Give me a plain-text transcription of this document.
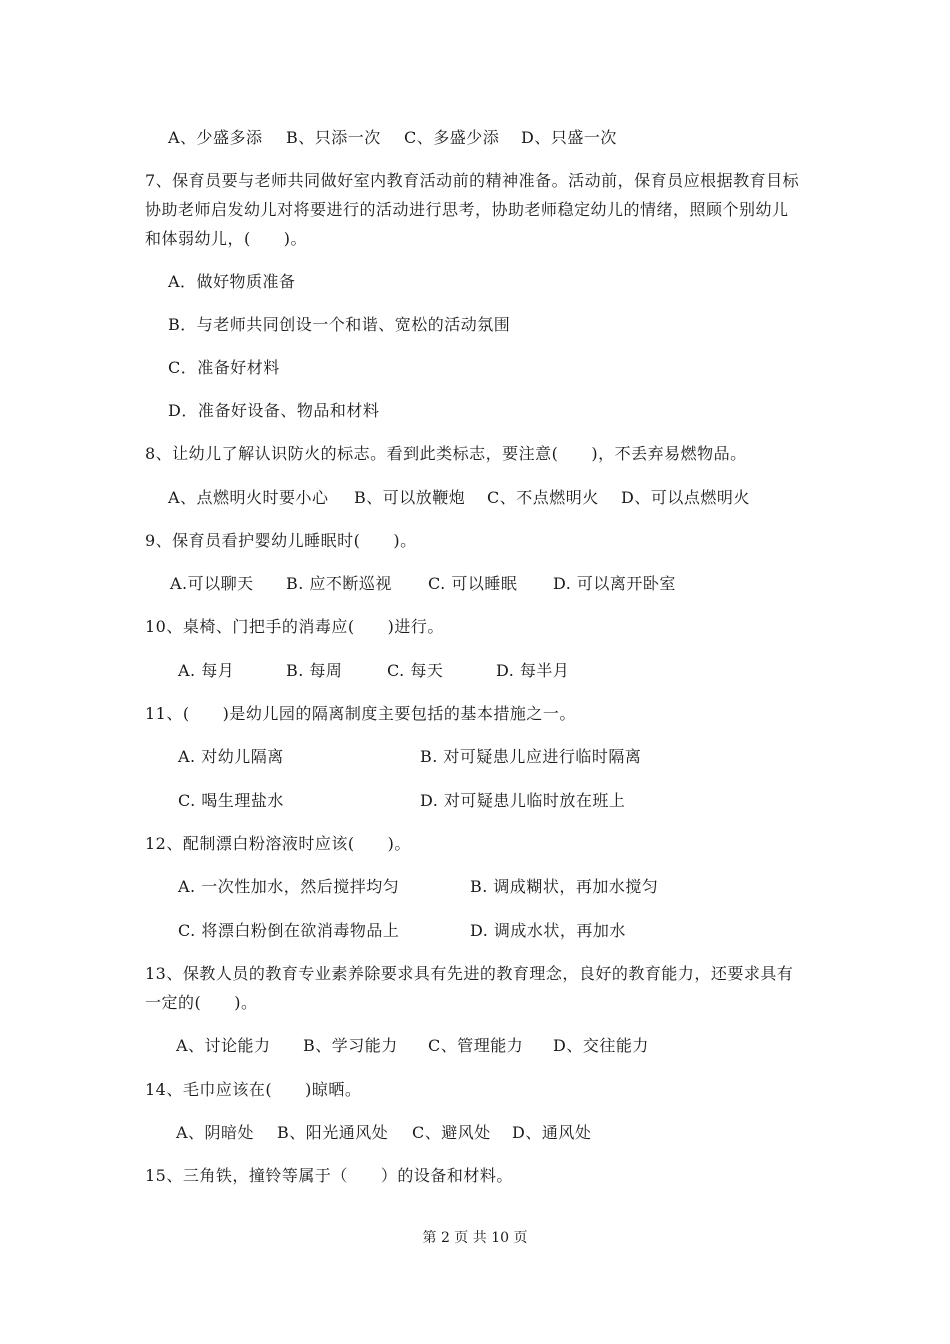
A、少盛多添 B、只添一次 C、多盛少添 D、只盛一次
7、保育员要与老师共同做好室内教育活动前的精神准备。活动前，保育员应根据教育目标
协助老师启发幼儿对将要进行的活动进行思考，协助老师稳定幼儿的情绪，照顾个别幼儿
和体弱幼儿，(　　)。
A．做好物质准备
B．与老师共同创设一个和谐、宽松的活动氛围
C．准备好材料
D．准备好设备、物品和材料
8、让幼儿了解认识防火的标志。看到此类标志，要注意(　　)，不丢弃易燃物品。
A、点燃明火时要小心 B、可以放鞭炮 C、不点燃明火 D、可以点燃明火
9、保育员看护婴幼儿睡眠时(　　)。
A.可以聊天 B. 应不断巡视 C. 可以睡眠 D. 可以离开卧室
10、桌椅、门把手的消毒应(　　)进行。
A. 每月	B. 每周	C. 每天	D. 每半月
11、(　　)是幼儿园的隔离制度主要包括的基本措施之一。
A. 对幼儿隔离	B. 对可疑患儿应进行临时隔离
C. 喝生理盐水	D. 对可疑患儿临时放在班上
12、配制漂白粉溶液时应该(　　)。
A. 一次性加水，然后搅拌均匀	B. 调成糊状，再加水搅匀
C. 将漂白粉倒在欲消毒物品上	D. 调成水状，再加水
13、保教人员的教育专业素养除要求具有先进的教育理念，良好的教育能力，还要求具有
一定的(　　)。
A、讨论能力 B、学习能力 C、管理能力 D、交往能力
14、毛巾应该在(　　)晾晒。
A、阴暗处 B、阳光通风处 C、避风处 D、通风处
15、三角铁，撞铃等属于（　　）的设备和材料。
第 2 页 共 10 页
